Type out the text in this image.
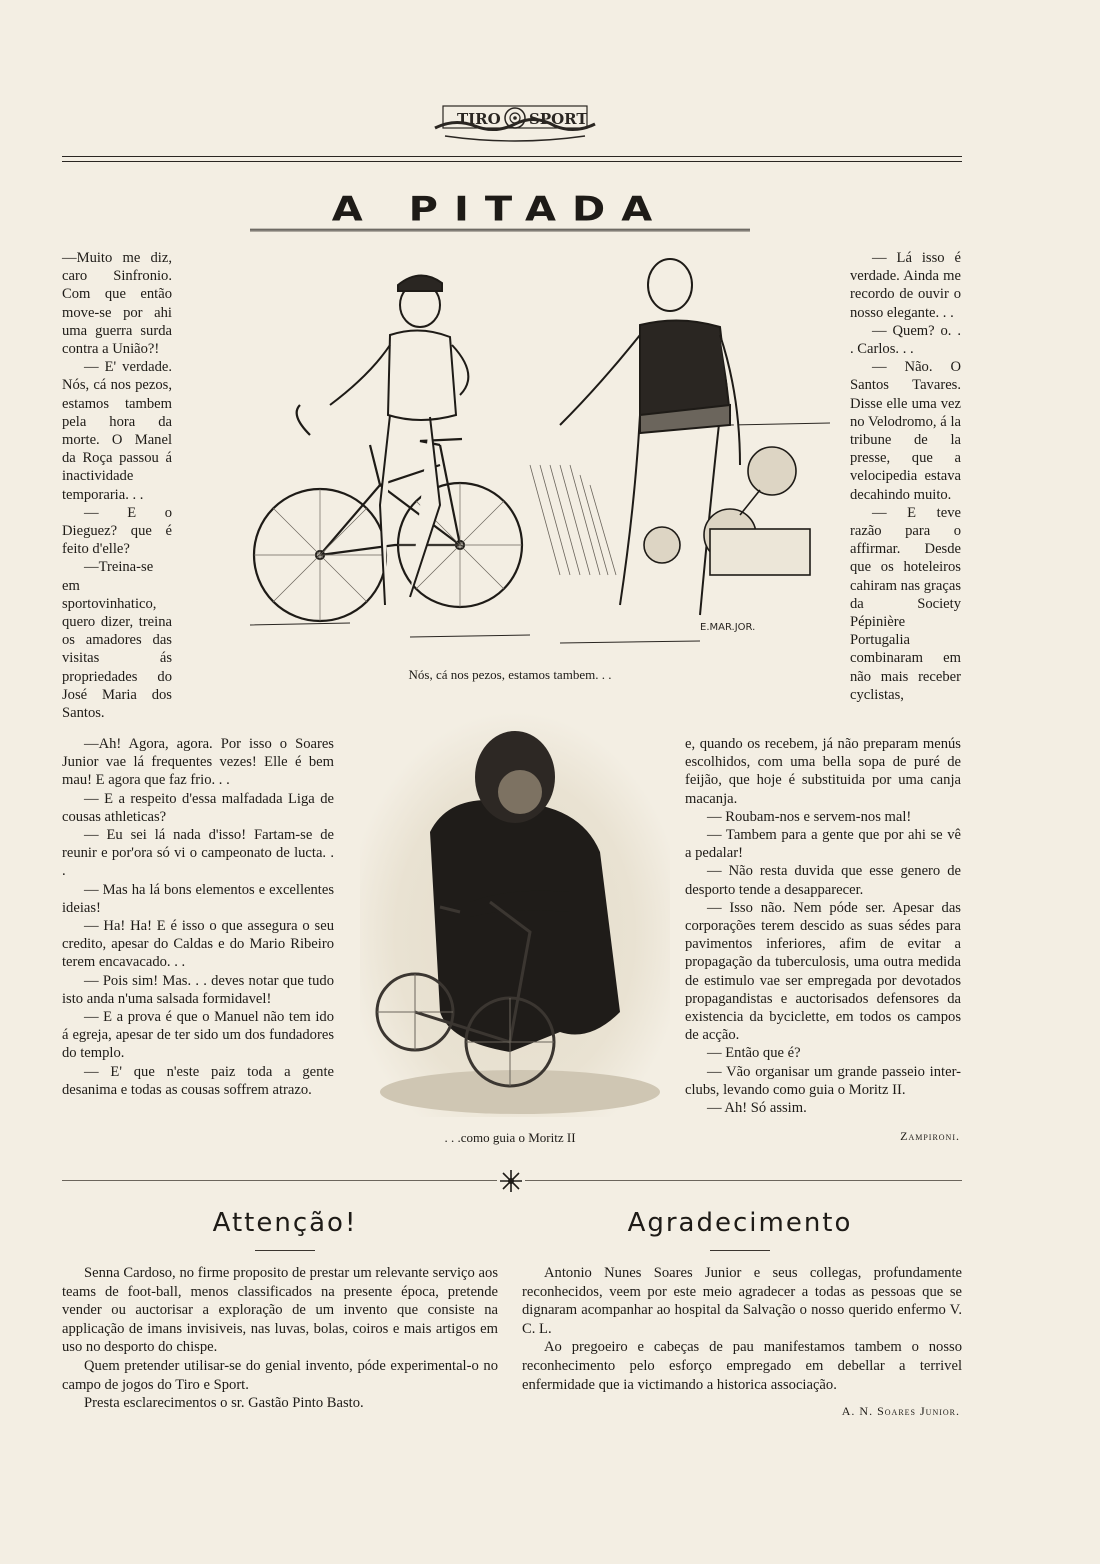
TIRO SPORT
A PITADA

—Muito me diz, caro Sinfronio. Com que então move-se por ahi uma guerra surda contra a União?!

— E' verdade. Nós, cá nos pezos, estamos tambem pela hora da morte. O Manel da Roça passou á inactividade temporaria. . .

— E o Dieguez? que é feito d'elle?

—Treina-se em sportovinhatico, quero dizer, treina os amadores das visitas ás propriedades do José Maria dos Santos.

—Ah! Agora, agora. Por isso o Soares Junior vae lá frequentes vezes! Elle é bem mau! E agora que faz frio. . .

— E a respeito d'essa malfadada Liga de cousas athleticas?

— Eu sei lá nada d'isso! Fartam-se de reunir e por'ora só vi o campeonato de lucta. . .

— Mas ha lá bons elementos e excellentes ideias!

— Ha! Ha! E é isso o que assegura o seu credito, apesar do Caldas e do Mario Ribeiro terem encavacado. . .

— Pois sim! Mas. . . deves notar que tudo isto anda n'uma salsada formidavel!

— E a prova é que o Manuel não tem ido á egreja, apesar de ter sido um dos fundadores do templo.

— E' que n'este paiz toda a gente desanima e todas as cousas soffrem atrazo.

E.MAR.JOR.
Nós, cá nos pezos, estamos tambem. . .

— Lá isso é verdade. Ainda me recordo de ouvir o nosso elegante. . .

— Quem? o. . . Carlos. . .

— Não. O Santos Tavares. Disse elle uma vez no Velodromo, á la tribune de la presse, que a velocipedia estava decahindo muito.

— E teve razão para o affirmar. Desde que os hoteleiros cahiram nas graças da Society Pépinière Portugalia combinaram em não mais receber cyclistas,

e, quando os recebem, já não preparam menús escolhidos, com uma bella sopa de puré de feijão, que hoje é substituida por uma canja macanja.

— Roubam-nos e servem-nos mal!

— Tambem para a gente que por ahi se vê a pedalar!

— Não resta duvida que esse genero de desporto tende a desapparecer.

— Isso não. Nem póde ser. Apesar das corporações terem descido as suas sédes para pavimentos inferiores, afim de evitar a propagação da tuberculosis, uma outra medida de estimulo vae ser empregada por devotados propagandistas e auctorisados defensores da existencia da byciclette, em todos os campos de acção.

— Então que é?

— Vão organisar um grande passeio inter-clubs, levando como guia o Moritz II.

— Ah! Só assim.

Zampironi.
. . .como guia o Moritz II
Attenção!

Senna Cardoso, no firme proposito de prestar um relevante serviço aos teams de foot-ball, menos classificados na presente época, pretende vender ou auctorisar a exploração de um invento que consiste na applicação de imans invisiveis, nas luvas, bolas, coiros e mais artigos em uso no desporto do chispe.

Quem pretender utilisar-se do genial invento, póde experimental-o no campo de jogos do Tiro e Sport.

Presta esclarecimentos o sr. Gastão Pinto Basto.

Agradecimento

Antonio Nunes Soares Junior e seus collegas, profundamente reconhecidos, veem por este meio agradecer a todas as pessoas que se dignaram acompanhar ao hospital da Salvação o nosso querido enfermo V. C. L.

Ao pregoeiro e cabeças de pau manifestamos tambem o nosso reconhecimento pelo esforço empregado em debellar a terrivel enfermidade que ia victimando a historica associação.

A. N. Soares Junior.
